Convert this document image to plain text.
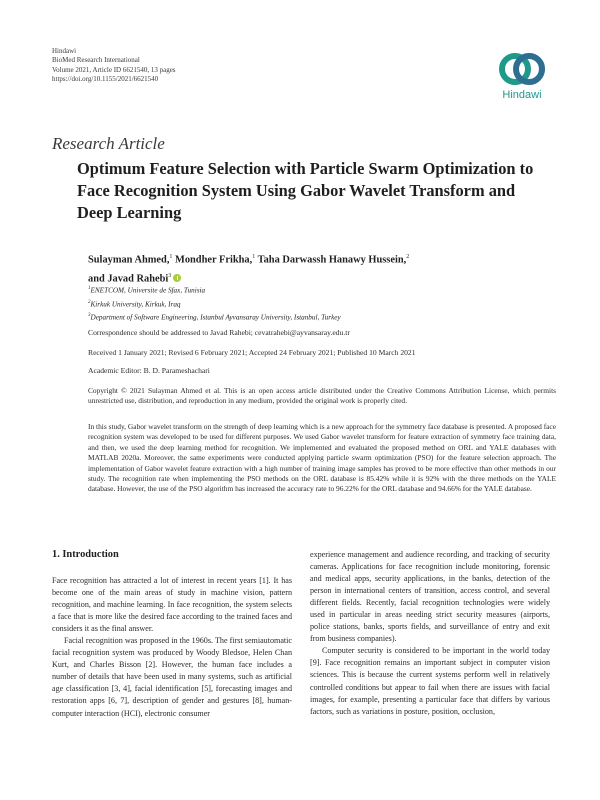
Hindawi
BioMed Research International
Volume 2021, Article ID 6621540, 13 pages
https://doi.org/10.1155/2021/6621540
Hindawi
Research Article
Optimum Feature Selection with Particle Swarm Optimization to
Face Recognition System Using Gabor Wavelet Transform and
Deep Learning
Sulayman Ahmed,$^1$ Mondher Frikha,$^1$ Taha Darwassh Hanawy Hussein,$^2$
and Javad Rahebi$^3$
$^1$ENETCOM, Universite de Sfax, Tunisia
$^2$Kirkuk University, Kirkuk, Iraq
$^3$Department of Software Engineering, Istanbul Ayvansaray University, Istanbul, Turkey
Correspondence should be addressed to Javad Rahebi; cevatrahebi@ayvansaray.edu.tr
Received 1 January 2021; Revised 6 February 2021; Accepted 24 February 2021; Published 10 March 2021
Academic Editor: B. D. Parameshachari
Copyright © 2021 Sulayman Ahmed et al. This is an open access article distributed under the Creative Commons Attribution License, which permits unrestricted use, distribution, and reproduction in any medium, provided the original work is properly cited.
In this study, Gabor wavelet transform on the strength of deep learning which is a new approach for the symmetry face database is presented. A proposed face recognition system was developed to be used for different purposes. We used Gabor wavelet transform for feature extraction of symmetry face training data, and then, we used the deep learning method for recognition. We implemented and evaluated the proposed method on ORL and YALE databases with MATLAB 2020a. Moreover, the same experiments were conducted applying particle swarm optimization (PSO) for the feature selection approach. The implementation of Gabor wavelet feature extraction with a high number of training image samples has proved to be more effective than other methods in our study. The recognition rate when implementing the PSO methods on the ORL database is 85.42% while it is 92% with the three methods on the YALE database. However, the use of the PSO algorithm has increased the accuracy rate to 96.22% for the ORL database and 94.66% for the YALE database.
1. Introduction

Face recognition has attracted a lot of interest in recent years [1]. It has become one of the main areas of study in machine vision, pattern recognition, and machine learning. In face recognition, the system selects a face that is more like the desired face according to the trained faces and considers it as the final answer.

Facial recognition was proposed in the 1960s. The first semiautomatic facial recognition system was produced by Woody Bledsoe, Helen Chan Kurt, and Charles Bisson [2]. However, the human face includes a number of details that have been used in many systems, such as artificial age classification [3, 4], facial identification [5], forecasting images and restoration apps [6, 7], description of gender and gestures [8], human-computer interaction (HCI), electronic consumer

experience management and audience recording, and tracking of security cameras. Applications for face recognition include monitoring, forensic and medical apps, security applications, in the banks, detection of the person in international centers of transition, access control, and several different fields. Recently, facial recognition technologies were widely used in particular in areas needing strict security measures (airports, police stations, banks, sports fields, and surveillance of entry and exit from business companies).

Computer security is considered to be important in the world today [9]. Face recognition remains an important subject in computer vision sciences. This is because the current systems perform well in relatively controlled conditions but appear to fail when there are issues with facial images, for example, presenting a particular face that differs by various factors, such as variations in posture, position, occlusion,
